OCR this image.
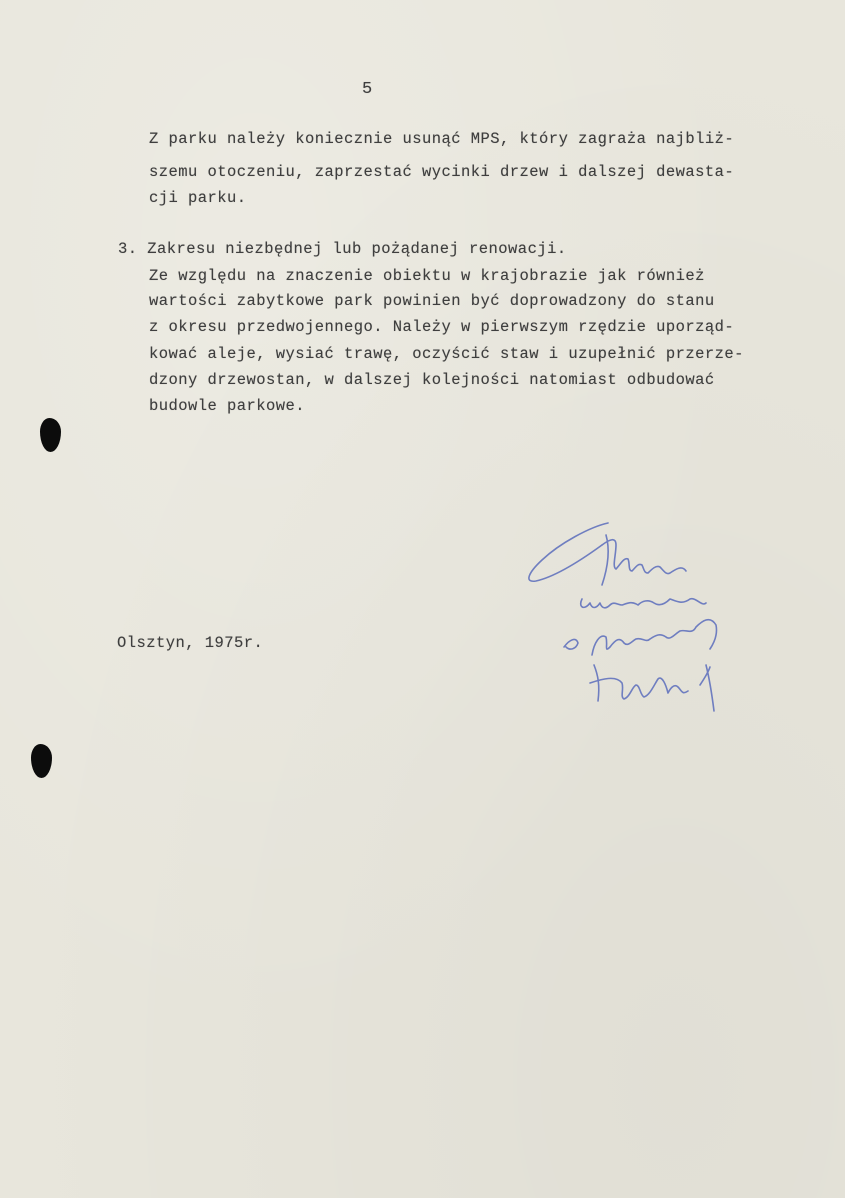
5
Z parku należy koniecznie usunąć MPS, który zagraża najbliż-
szemu otoczeniu, zaprzestać wycinki drzew i dalszej dewasta-
cji parku.
3. Zakresu niezbędnej lub pożądanej renowacji.
Ze względu na znaczenie obiektu w krajobrazie jak również
wartości zabytkowe park powinien być doprowadzony do stanu
z okresu przedwojennego. Należy w pierwszym rzędzie uporząd-
kować aleje, wysiać trawę, oczyścić staw i uzupełnić przerze-
dzony drzewostan, w dalszej kolejności natomiast odbudować
budowle parkowe.
Olsztyn, 1975r.
